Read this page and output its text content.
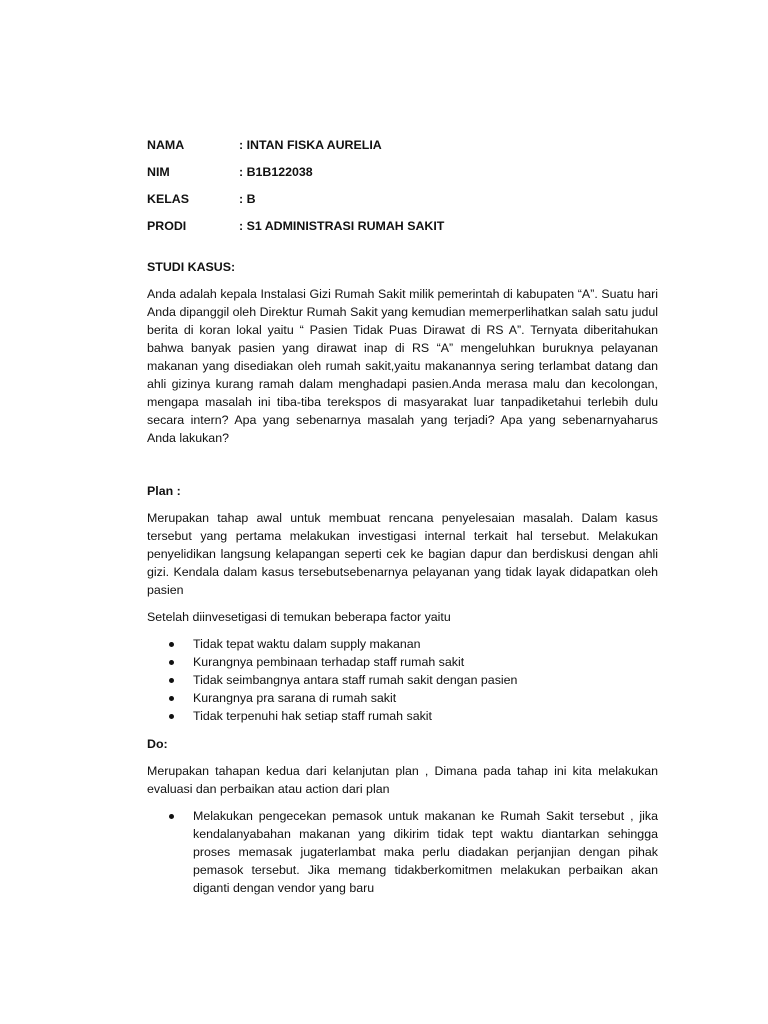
NAMA	: INTAN FISKA AURELIA
NIM	: B1B122038
KELAS	: B
PRODI	: S1 ADMINISTRASI RUMAH SAKIT

STUDI KASUS:

Anda adalah kepala Instalasi Gizi Rumah Sakit milik pemerintah di kabupaten “A”. Suatu hari Anda dipanggil oleh Direktur Rumah Sakit yang kemudian memerperlihatkan salah satu judul berita di koran lokal yaitu “ Pasien Tidak Puas Dirawat di RS A”. Ternyata diberitahukan bahwa banyak pasien yang dirawat inap di RS “A” mengeluhkan buruknya pelayanan makanan yang disediakan oleh rumah sakit,yaitu makanannya sering terlambat datang dan ahli gizinya kurang ramah dalam menghadapi pasien.Anda merasa malu dan kecolongan, mengapa masalah ini tiba-tiba terekspos di masyarakat luar tanpadiketahui terlebih dulu secara intern? Apa yang sebenarnya masalah yang terjadi? Apa yang sebenarnyaharus Anda lakukan?

Plan :

Merupakan tahap awal untuk membuat rencana penyelesaian masalah. Dalam kasus tersebut yang pertama melakukan investigasi internal terkait hal tersebut. Melakukan penyelidikan langsung kelapangan seperti cek ke bagian dapur dan berdiskusi dengan ahli gizi. Kendala dalam kasus tersebutsebenarnya pelayanan yang tidak layak didapatkan oleh pasien

Setelah diinvesetigasi di temukan beberapa factor yaitu

Tidak tepat waktu dalam supply makanan
Kurangnya pembinaan terhadap staff rumah sakit
Tidak seimbangnya antara staff rumah sakit dengan pasien
Kurangnya pra sarana di rumah sakit
Tidak terpenuhi hak setiap staff rumah sakit

Do:

Merupakan tahapan kedua dari kelanjutan plan , Dimana pada tahap ini kita melakukan evaluasi dan perbaikan atau action dari plan

Melakukan pengecekan pemasok untuk makanan ke Rumah Sakit tersebut , jika kendalanyabahan makanan yang dikirim tidak tept waktu diantarkan sehingga proses memasak jugaterlambat maka perlu diadakan perjanjian dengan pihak pemasok tersebut. Jika memang tidakberkomitmen melakukan perbaikan akan diganti dengan vendor yang baru
